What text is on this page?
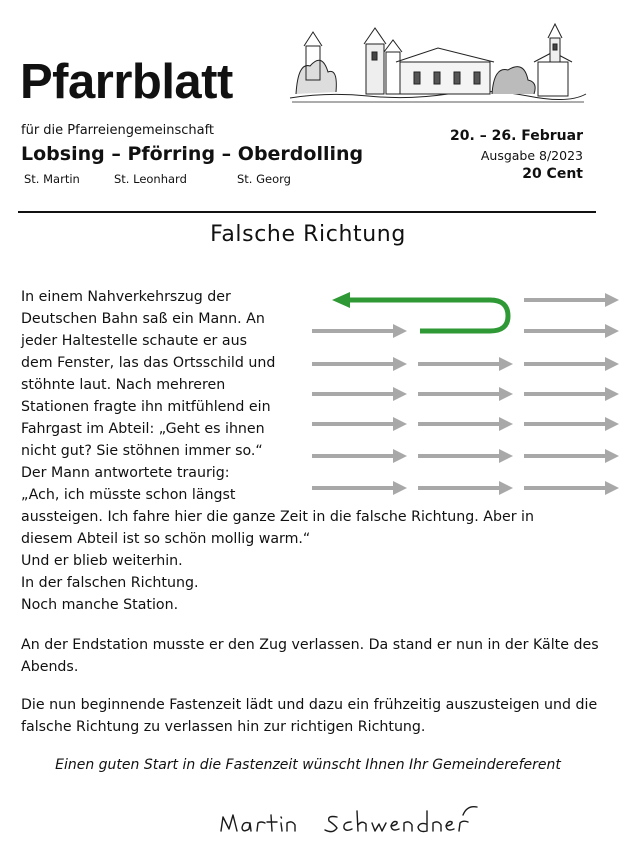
Pfarrblatt
für die Pfarreiengemeinschaft
Lobsing – Pförring – Oberdolling
St. Martin	St. Leonhard	St. Georg
20. – 26. Februar
Ausgabe 8/2023
20 Cent
Falsche Richtung
In einem Nahverkehrszug der
Deutschen Bahn saß ein Mann. An
jeder Haltestelle schaute er aus
dem Fenster, las das Ortsschild und
stöhnte laut. Nach mehreren
Stationen fragte ihn mitfühlend ein
Fahrgast im Abteil: „Geht es ihnen
nicht gut? Sie stöhnen immer so.“
Der Mann antwortete traurig:
„Ach, ich müsste schon längst
aussteigen. Ich fahre hier die ganze Zeit in die falsche Richtung. Aber in
diesem Abteil ist so schön mollig warm.“
Und er blieb weiterhin.
In der falschen Richtung.
Noch manche Station.
An der Endstation musste er den Zug verlassen. Da stand er nun in der Kälte des Abends.
Die nun beginnende Fastenzeit lädt und dazu ein frühzeitig auszusteigen und die falsche Richtung zu verlassen hin zur richtigen Richtung.
Einen guten Start in die Fastenzeit wünscht Ihnen Ihr Gemeindereferent
